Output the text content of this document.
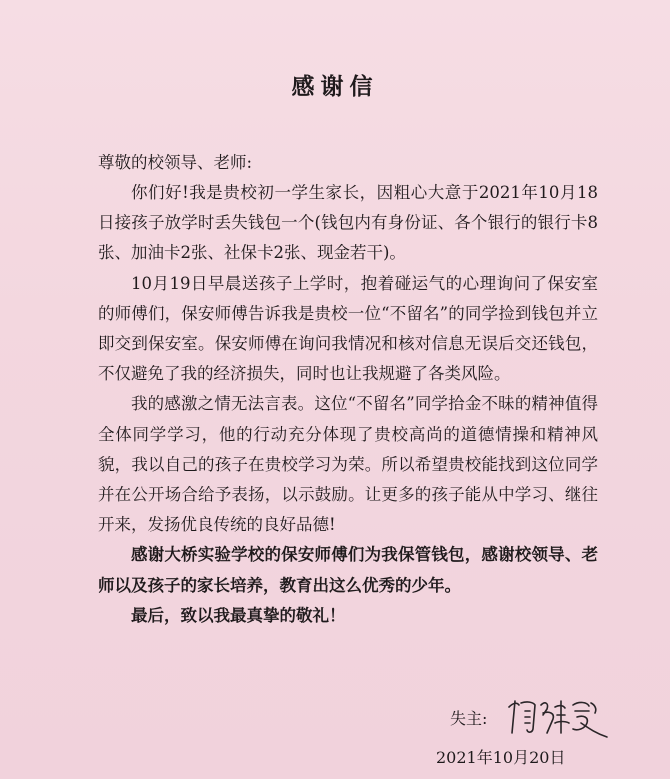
感谢信
尊敬的校领导、老师:

你们好!我是贵校初一学生家长，因粗心大意于2021年10月18日接孩子放学时丢失钱包一个(钱包内有身份证、各个银行的银行卡8张、加油卡2张、社保卡2张、现金若干)。

10月19日早晨送孩子上学时，抱着碰运气的心理询问了保安室的师傅们，保安师傅告诉我是贵校一位“不留名”的同学捡到钱包并立即交到保安室。保安师傅在询问我情况和核对信息无误后交还钱包，不仅避免了我的经济损失，同时也让我规避了各类风险。

我的感激之情无法言表。这位“不留名”同学拾金不昧的精神值得全体同学学习，他的行动充分体现了贵校高尚的道德情操和精神风貌，我以自己的孩子在贵校学习为荣。所以希望贵校能找到这位同学并在公开场合给予表扬，以示鼓励。让更多的孩子能从中学习、继往开来，发扬优良传统的良好品德!

感谢大桥实验学校的保安师傅们为我保管钱包，感谢校领导、老师以及孩子的家长培养，教育出这么优秀的少年。

最后，致以我最真挚的敬礼！

失主:
2021年10月20日
